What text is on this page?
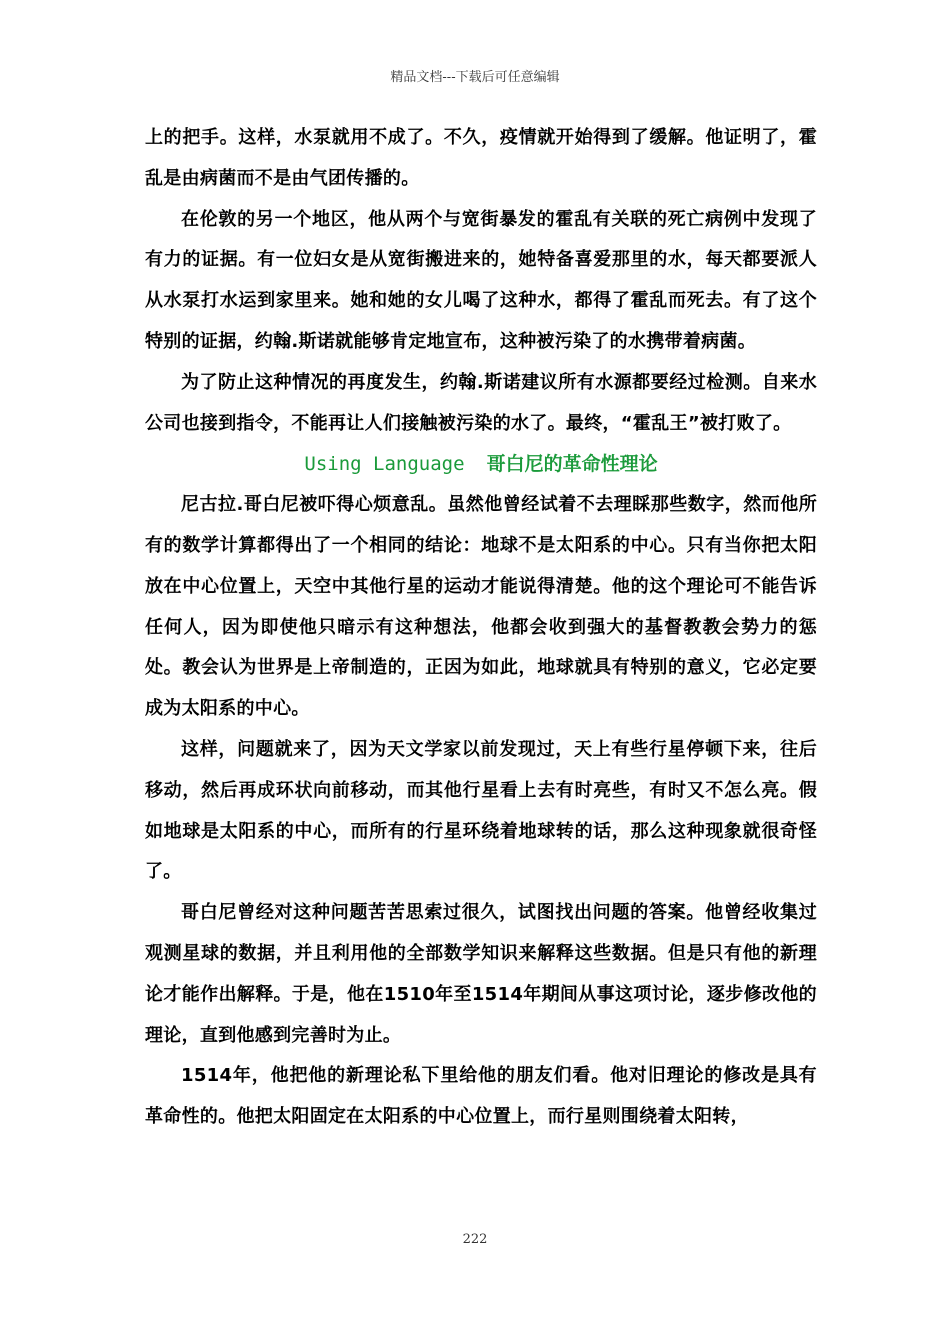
精品文档---下载后可任意编辑

上的把手。这样，水泵就用不成了。不久，疫情就开始得到了缓解。他证明了，霍乱是由病菌而不是由气团传播的。

在伦敦的另一个地区，他从两个与宽街暴发的霍乱有关联的死亡病例中发现了有力的证据。有一位妇女是从宽街搬进来的，她特备喜爱那里的水，每天都要派人从水泵打水运到家里来。她和她的女儿喝了这种水，都得了霍乱而死去。有了这个特别的证据，约翰.斯诺就能够肯定地宣布，这种被污染了的水携带着病菌。

为了防止这种情况的再度发生，约翰.斯诺建议所有水源都要经过检测。自来水公司也接到指令，不能再让人们接触被污染的水了。最终，“霍乱王”被打败了。

Using Language 哥白尼的革命性理论

尼古拉.哥白尼被吓得心烦意乱。虽然他曾经试着不去理睬那些数字，然而他所有的数学计算都得出了一个相同的结论：地球不是太阳系的中心。只有当你把太阳放在中心位置上，天空中其他行星的运动才能说得清楚。他的这个理论可不能告诉任何人，因为即使他只暗示有这种想法，他都会收到强大的基督教教会势力的惩处。教会认为世界是上帝制造的，正因为如此，地球就具有特别的意义，它必定要成为太阳系的中心。

这样，问题就来了，因为天文学家以前发现过，天上有些行星停顿下来，往后移动，然后再成环状向前移动，而其他行星看上去有时亮些，有时又不怎么亮。假如地球是太阳系的中心，而所有的行星环绕着地球转的话，那么这种现象就很奇怪了。

哥白尼曾经对这种问题苦苦思索过很久，试图找出问题的答案。他曾经收集过观测星球的数据，并且利用他的全部数学知识来解释这些数据。但是只有他的新理论才能作出解释。于是，他在1510年至1514年期间从事这项讨论，逐步修改他的理论，直到他感到完善时为止。

1514年，他把他的新理论私下里给他的朋友们看。他对旧理论的修改是具有革命性的。他把太阳固定在太阳系的中心位置上，而行星则围绕着太阳转，

222
